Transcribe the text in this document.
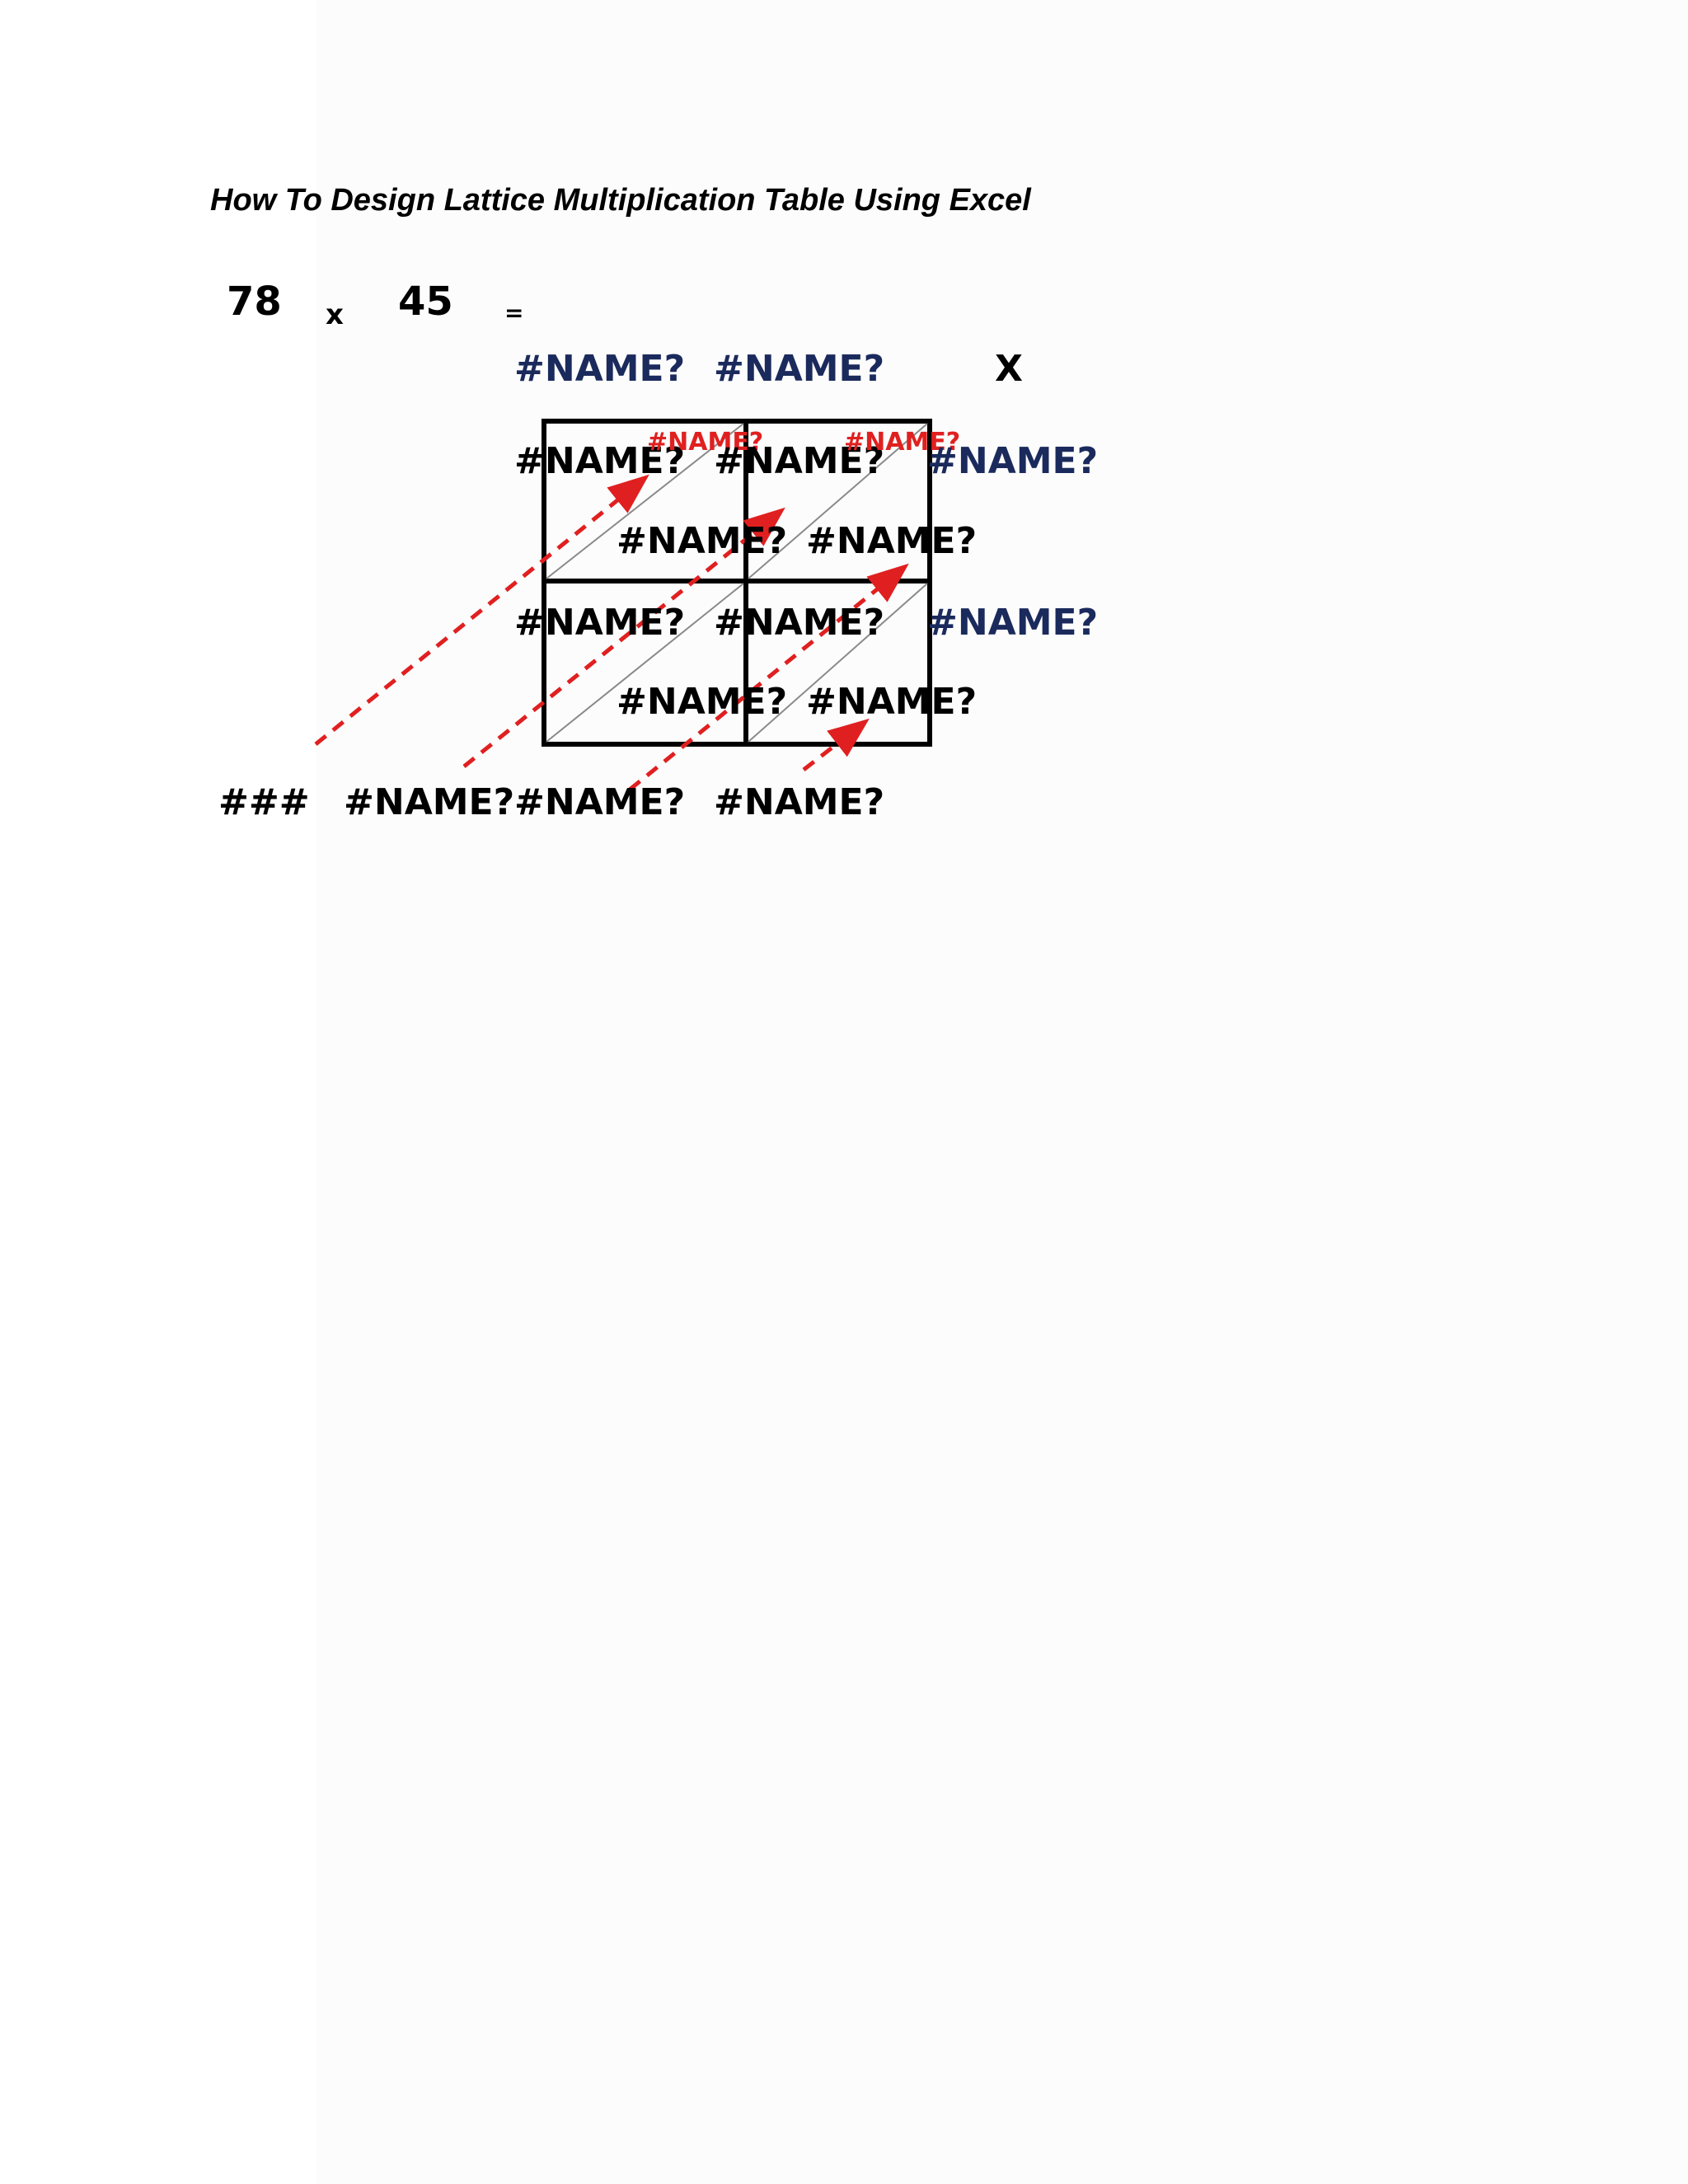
How To Design Lattice Multiplication Table Using Excel
78 x 45 =
#NAME? #NAME?	X
#NAME?
#NAME?
#NAME?
#NAME?
#NAME?
#NAME?
#NAME?
#NAME?
#NAME?
#NAME?
#NAME?
#NAME?
### #NAME? #NAME? #NAME?
